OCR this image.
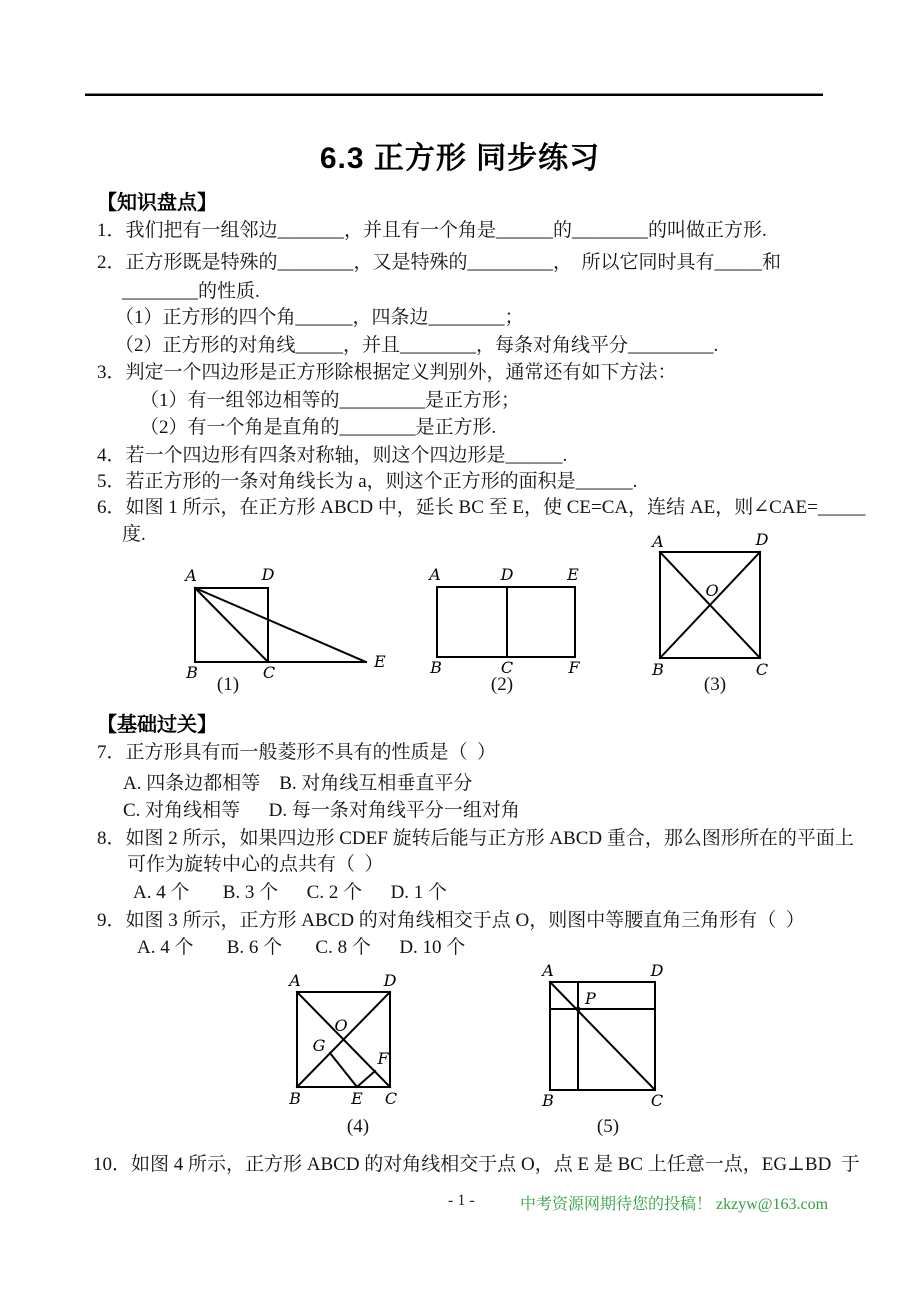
6.3 正方形 同步练习
【知识盘点】
1．我们把有一组邻边_______，并且有一个角是______的________的叫做正方形.
2．正方形既是特殊的________，又是特殊的_________，  所以它同时具有_____和
________的性质.
（1）正方形的四个角______，四条边________；
（2）正方形的对角线_____，并且________，每条对角线平分_________.
3．判定一个四边形是正方形除根据定义判别外，通常还有如下方法：
（1）有一组邻边相等的_________是正方形；
（2）有一个角是直角的________是正方形.
4．若一个四边形有四条对称轴，则这个四边形是______.
5．若正方形的一条对角线长为 a，则这个正方形的面积是______.
6．如图 1 所示，在正方形 ABCD 中，延长 BC 至 E，使 CE=CA，连结 AE，则∠CAE=_____
度.
A	D
B	C
E
A	D	E
B	C	F
A	D
B	C
O
(1)	(2)	(3)
【基础过关】
7．正方形具有而一般菱形不具有的性质是（  ）
A. 四条边都相等    B. 对角线互相垂直平分
C. 对角线相等      D. 每一条对角线平分一组对角
8．如图 2 所示，如果四边形 CDEF 旋转后能与正方形 ABCD 重合，那么图形所在的平面上
可作为旋转中心的点共有（  ）
A. 4 个       B. 3 个      C. 2 个      D. 1 个
9．如图 3 所示，正方形 ABCD 的对角线相交于点 O，则图中等腰直角三角形有（  ）
A. 4 个       B. 6 个       C. 8 个      D. 10 个
A	D
B	C
E
O
G
F
A	D
B	C
P
(4)	(5)
10．如图 4 所示，正方形 ABCD 的对角线相交于点 O，点 E 是 BC 上任意一点，EG⊥BD  于
- 1 -	中考资源网期待您的投稿！ zkzyw@163.com
